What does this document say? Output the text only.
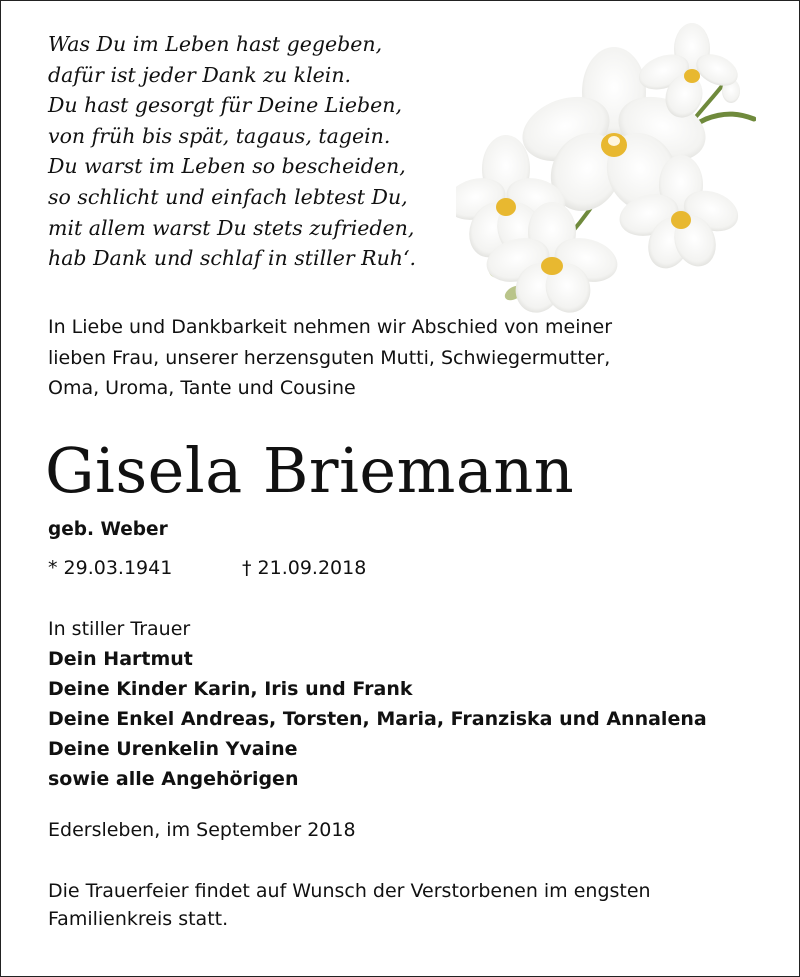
Was Du im Leben hast gegeben,
dafür ist jeder Dank zu klein.
Du hast gesorgt für Deine Lieben,
von früh bis spät, tagaus, tagein.
Du warst im Leben so bescheiden,
so schlicht und einfach lebtest Du,
mit allem warst Du stets zufrieden,
hab Dank und schlaf in stiller Ruh‘.
In Liebe und Dankbarkeit nehmen wir Abschied von meiner
lieben Frau, unserer herzensguten Mutti, Schwiegermutter,
Oma, Uroma, Tante und Cousine
Gisela Briemann
geb. Weber
* 29.03.1941	† 21.09.2018
In stiller Trauer
Dein Hartmut
Deine Kinder Karin, Iris und Frank
Deine Enkel Andreas, Torsten, Maria, Franziska und Annalena
Deine Urenkelin Yvaine
sowie alle Angehörigen
Edersleben, im September 2018
Die Trauerfeier findet auf Wunsch der Verstorbenen im engsten
Familienkreis statt.
